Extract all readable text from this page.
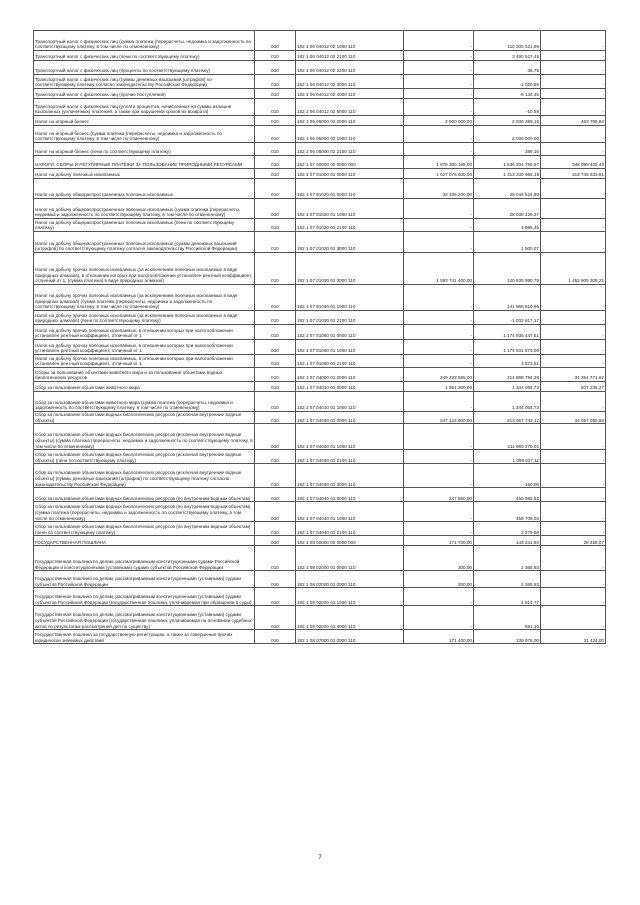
Транспортный налог с физических лиц (сумма платежа (перерасчеты, недоимка и задолженность по соответствующему платежу, в том числе по отмененному)	010	182 1 06 04012 02 1000 110	-	110 305 521,98	-
Транспортный налог с физических лиц (пени по соответствующему платежу)	010	182 1 06 04012 02 2100 110	-	3 490 527,49	-
Транспортный налог с физических лиц (проценты по соответствующему платежу)	010	182 1 06 04012 02 2200 110	-	36,75	-
Транспортный налог с физических лиц (суммы денежных взысканий (штрафов) по соответствующему платежу согласно законодательству Российской Федерации)	010	182 1 06 04012 02 3000 110	-	-1 020,59	-
Транспортный налог с физических лиц (прочие поступления)	010	182 1 06 04012 02 4000 110	-	-8 133,45	-
Транспортный налог с физических лиц (уплата процентов, начисленных на суммы излишне взысканных (уплаченных) платежей, а также при нарушении сроков их возврата)	010	182 1 06 04012 02 5000 110	-	-10,59	-
Налог на игорный бизнес	010	182 1 06 05000 02 0000 110	2 500 000,00	2 036 289,16	463 709,84
Налог на игорный бизнес (сумма платежа (перерасчеты, недоимка и задолженность по соответствующему платежу, в том числе по отмененному)	010	182 1 06 05000 02 1000 110	-	2 036 000,00	-
Налог на игорный бизнес (пени по соответствующему платежу)	010	182 1 06 05000 02 2100 110	-	289,16	-
НАЛОГИ, СБОРЫ И РЕГУЛЯРНЫЕ ПЛАТЕЖИ ЗА ПОЛЬЗОВАНИЕ ПРИРОДНЫМИ РЕСУРСАМИ	010	182 1 07 00000 00 0000 000	1 878 300 165,00	1 530 204 759,57	348 095 405,43
Налог на добычу полезных ископаемых	010	182 1 07 01000 01 0000 110	1 627 076 600,00	1 313 330 966,19	313 745 633,81
Налог на добычу общераспространенных полезных ископаемых	010	182 1 07 01020 01 0000 110	33 336 200,00	28 044 524,89	-
Налог на добычу общераспространенных полезных ископаемых (сумма платежа (перерасчеты, недоимка и задолженность по соответствующему платежу, в том числе по отмененному)	010	182 1 07 01020 01 1000 110	-	28 038 326,37	-
Налог на добычу общераспространенных полезных ископаемых (пени по соответствующему платежу)	010	182 1 07 01020 01 2100 110	-	4 995,45	-
Налог на добычу общераспространенных полезных ископаемых (суммы денежных взысканий (штрафов) по соответствующему платежу согласно законодательству Российской Федерации)	010	182 1 07 01020 01 3000 110	-	1 500,07	-
Налог на добычу прочих полезных ископаемых (за исключением полезных ископаемых в виде природных алмазов), в отношении которых при налогообложении установлен рентный коэффициент, отличный от 1, (сумма платежа) в виде природных алмазов)	010	182 1 07 01030 01 0000 110	1 593 741 400,00	140 835 990,79	1 452 905 309,21
Налог на добычу прочих полезных ископаемых (за исключением полезных ископаемых в виде природных алмазов) (сумма платежа (перерасчеты, недоимка и задолженность по соответствующему платежу, в том числе по отмененному)	010	182 1 07 01030 01 1000 110	-	141 868 810,96	-
Налог на добычу прочих полезных ископаемых (за исключением полезных ископаемых в виде природных алмазов) (пени по соответствующему платежу)	010	182 1 07 01030 01 2100 110	-	-1 032 817,17	-
Налог на добычу прочих полезных ископаемых, в отношении которых при налогообложении установлен рентный коэффициент, отличный от 1	010	182 1 07 01060 01 0000 110	-	1 174 936 447,51	-
Налог на добычу прочих полезных ископаемых, в отношении которых при налогообложении установлен рентный коэффициент, отличный от 1	010	182 1 07 01060 01 1000 110	-	1 174 931 874,00	-
Налог на добычу прочих полезных ископаемых, в отношении которых при налогообложении установлен рентный коэффициент, отличный от 1	010	182 1 07 01060 01 2100 110	-	4 573,51	-
Сборы за пользование объектами животного мира и за пользование объектами водных биологических ресурсов	010	182 1 07 04000 01 0000 110	249 223 565,00	214 868 793,38	34 354 771,62
Сбор за пользование объектами животного мира	010	182 1 07 04010 01 0000 110	1 851 300,00	1 344 064,73	507 235,27
Сбор за пользование объектами животного мира (сумма платежа (перерасчеты, недоимка и задолженность по соответствующему платежу, в том числе по отмененному)	010	182 1 07 04010 01 1000 110	-	1 344 064,73	-
Сбор за пользование объектами водных биологических ресурсов (исключая внутренние водные объекты)	010	182 1 07 04030 01 0000 110	247 124 800,00	213 067 743,12	34 057 056,88
Сбор за пользование объектами водных биологических ресурсов (исключая внутренние водные объекты) (сумма платежа (перерасчеты, недоимка и задолженность по соответствующему платежу, в том числе по отмененному)	010	182 1 07 04030 01 1000 110	-	211 969 276,01	-
Сбор за пользование объектами водных биологических ресурсов (исключая внутренние водные объекты) (пени по соответствующему платежу)	010	182 1 07 04030 01 2100 110	-	1 098 627,11	-
Сбор за пользование объектами водных биологических ресурсов (исключая внутренние водные объекты) (суммы денежных взысканий (штрафов) по соответствующему платежу согласно законодательству Российской Федерации)	010	182 1 07 04030 01 3000 110	-	-160,00	-
Сбор за пользование объектами водных биологических ресурсов (по внутренним водным объектам)	010	182 1 07 04040 01 0000 110	247 860,00	456 985,53	-
Сбор за пользование объектами водных биологических ресурсов (по внутренним водным объектам) (сумма платежа (перерасчеты, недоимка и задолженность по соответствующему платежу, в том числе по отмененному)	010	182 1 07 04040 01 1000 110	-	458 706,03	-
Сбор за пользование объектами водных биологических ресурсов (по внутренним водным объектам) (пени по соответствующему платежу)	010	182 1 07 04040 01 2100 110	-	2 279,50	-
ГОСУДАРСТВЕННАЯ ПОШЛИНА	010	182 1 08 00000 00 0000 000	171 700,00	143 241,93	28 458,07
Государственная пошлина по делам, рассматриваемым конституционными судами Российской Федерации и конституционными (уставными) судами субъектов Российской Федерации	010	182 1 08 02000 01 0000 110	300,00	2 365,93	-
Государственная пошлина по делам, рассматриваемым конституционными (уставными) судами субъектов Российской Федерации	010	182 1 08 02020 01 0000 110	300,00	2 365,93	-
Государственная пошлина по делам, рассматриваемым конституционными (уставными) судами субъектов Российской Федерации (государственная пошлина, уплачиваемая при обращении в суды)	010	182 1 08 02020 01 1000 110	-	1 814,77	-
Государственная пошлина по делам, рассматриваемым конституционными (уставными) судами субъектов Российской Федерации (государственная пошлина, уплачиваемая на основании судебных актов по результатам рассмотрения дел по существу)	010	182 1 08 02020 01 4000 110	-	551,16	-
Государственная пошлина за государственную регистрацию, а также за совершение прочих юридически значимых действий	010	182 1 08 07000 01 0000 110	171 400,00	139 976,00	31 424,00
7
